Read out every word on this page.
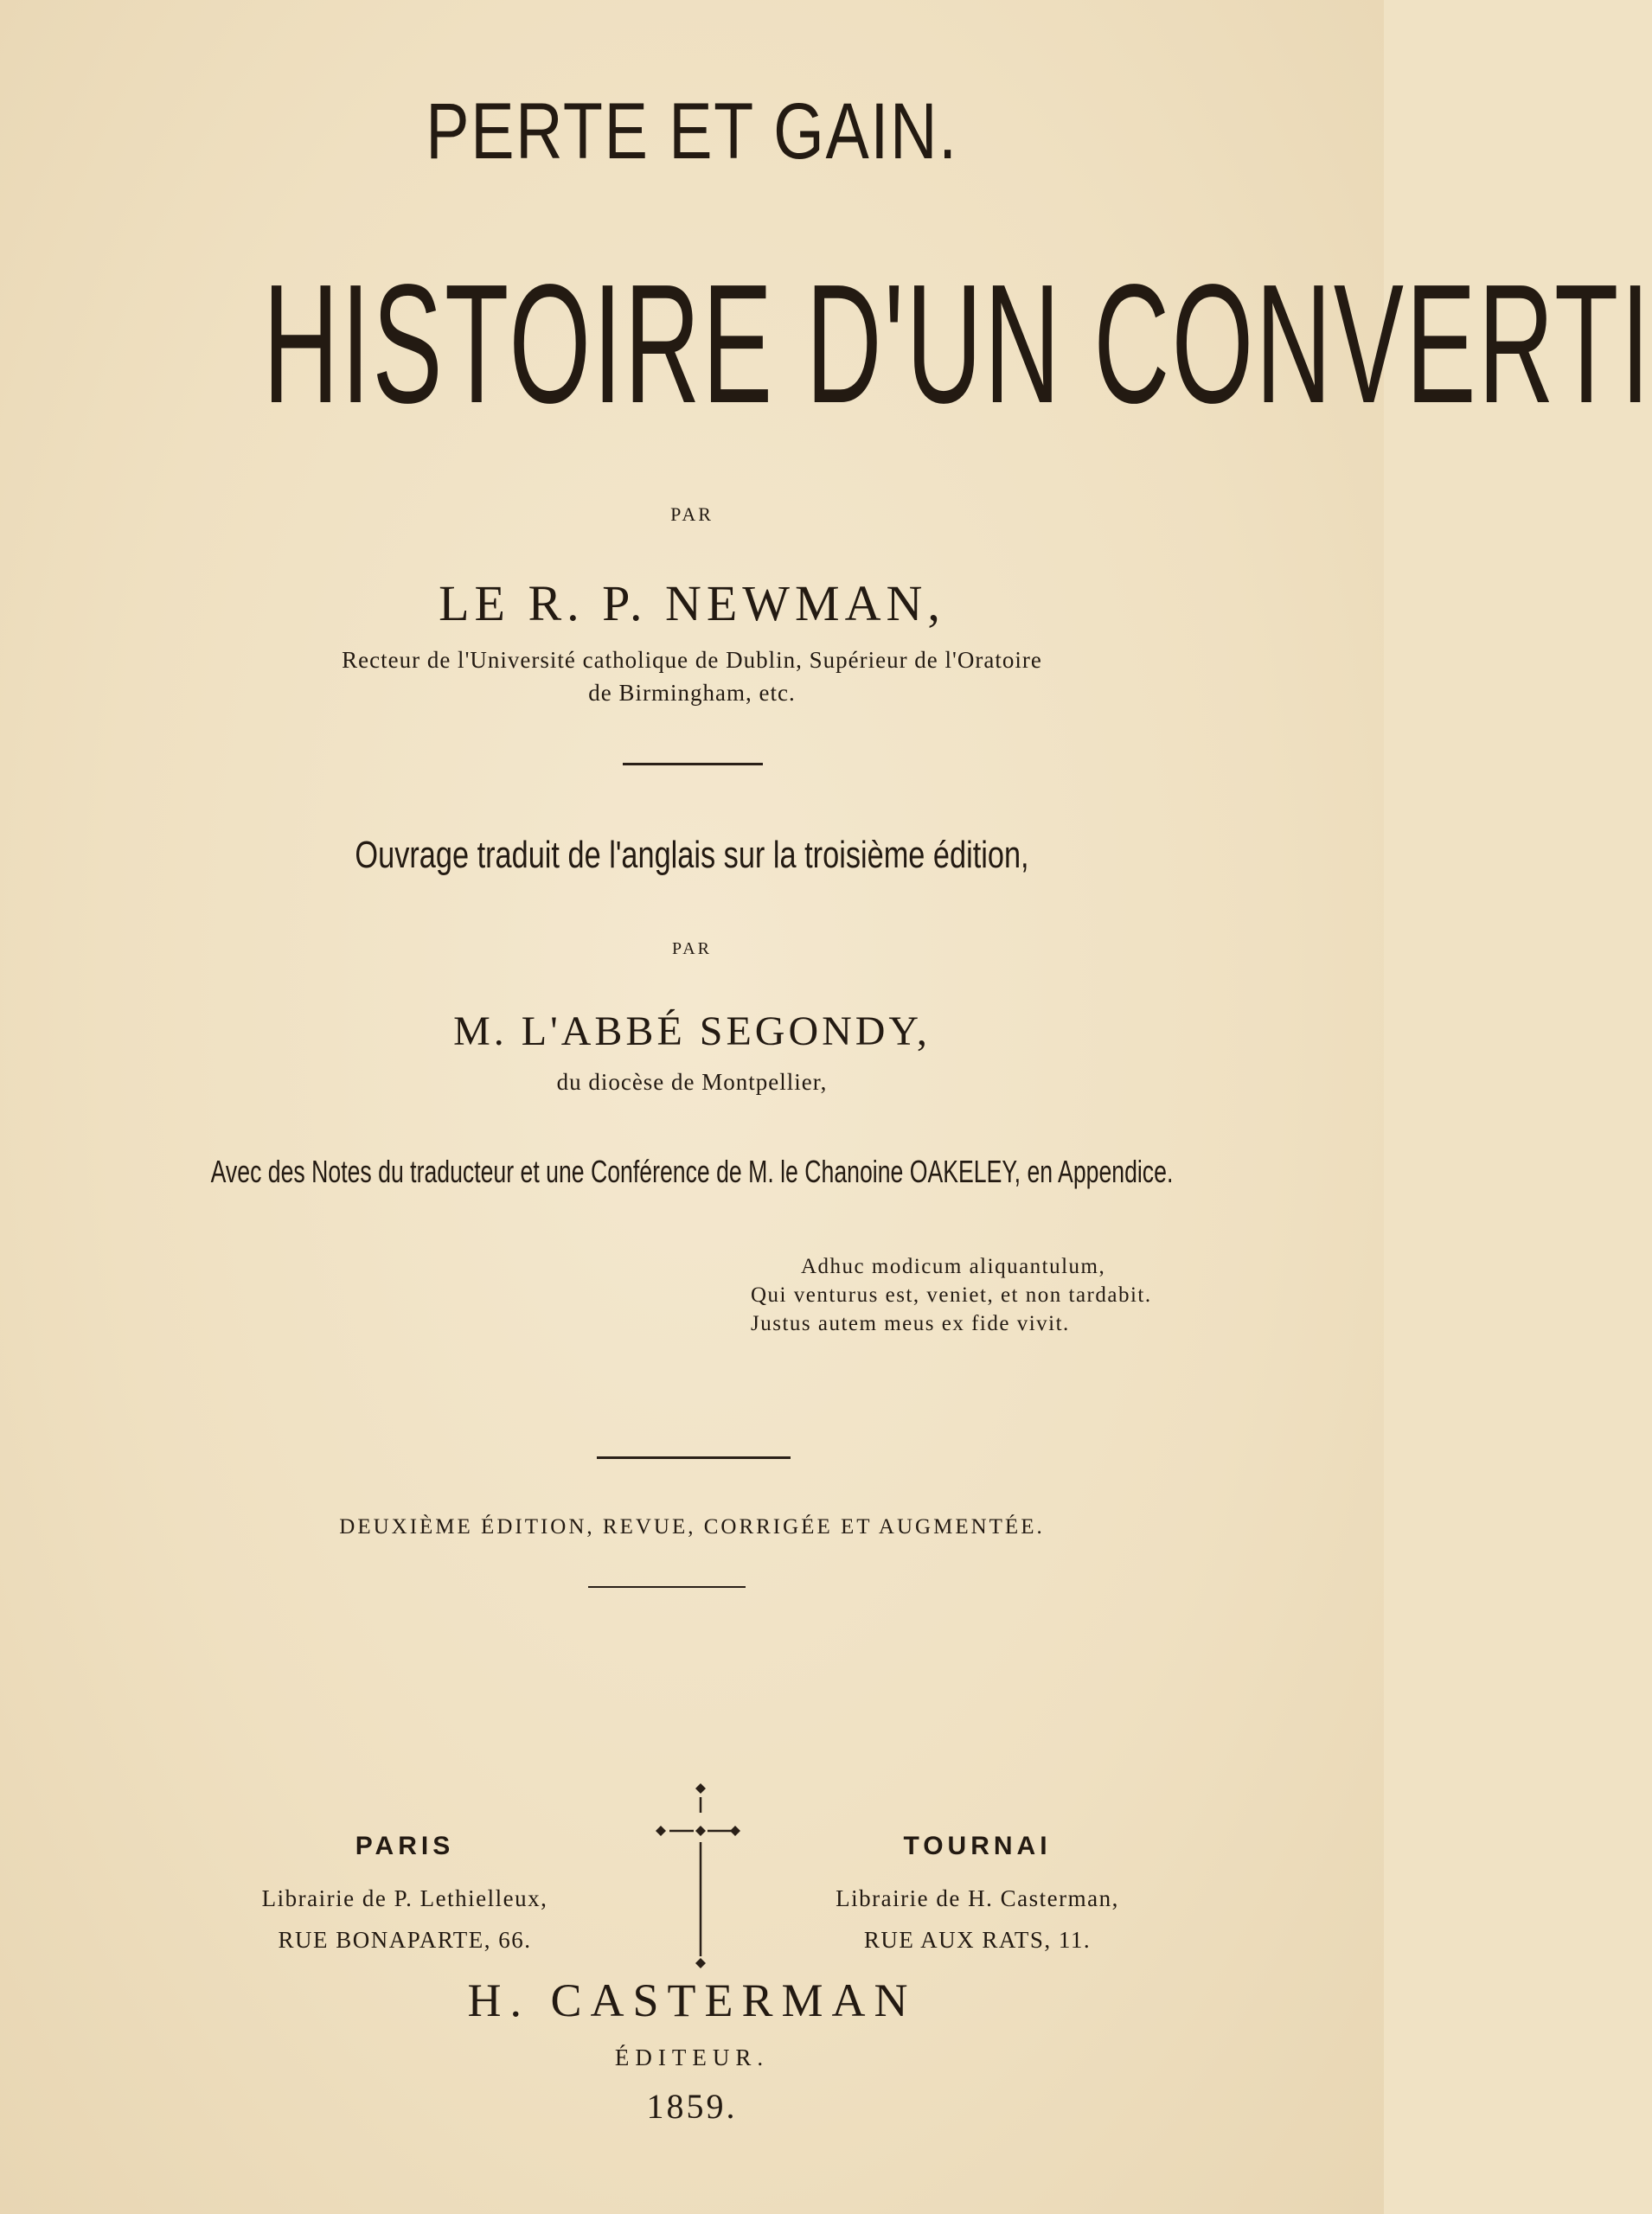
PERTE ET GAIN.
HISTOIRE D'UN CONVERTI
PAR
LE R. P. NEWMAN,
Recteur de l'Université catholique de Dublin, Supérieur de l'Oratoire
de Birmingham, etc.
Ouvrage traduit de l'anglais sur la troisième édition,
PAR
M. L'ABBÉ SEGONDY,
du diocèse de Montpellier,
Avec des Notes du traducteur et une Conférence de M. le Chanoine OAKELEY, en Appendice.
Adhuc modicum aliquantulum,
Qui venturus est, veniet, et non tardabit.
Justus autem meus ex fide vivit.
DEUXIÈME ÉDITION, REVUE, CORRIGÉE ET AUGMENTÉE.
PARIS
Librairie de P. Lethielleux,
RUE BONAPARTE, 66.
TOURNAI
Librairie de H. Casterman,
RUE AUX RATS, 11.
H. CASTERMAN
ÉDITEUR.
1859.
